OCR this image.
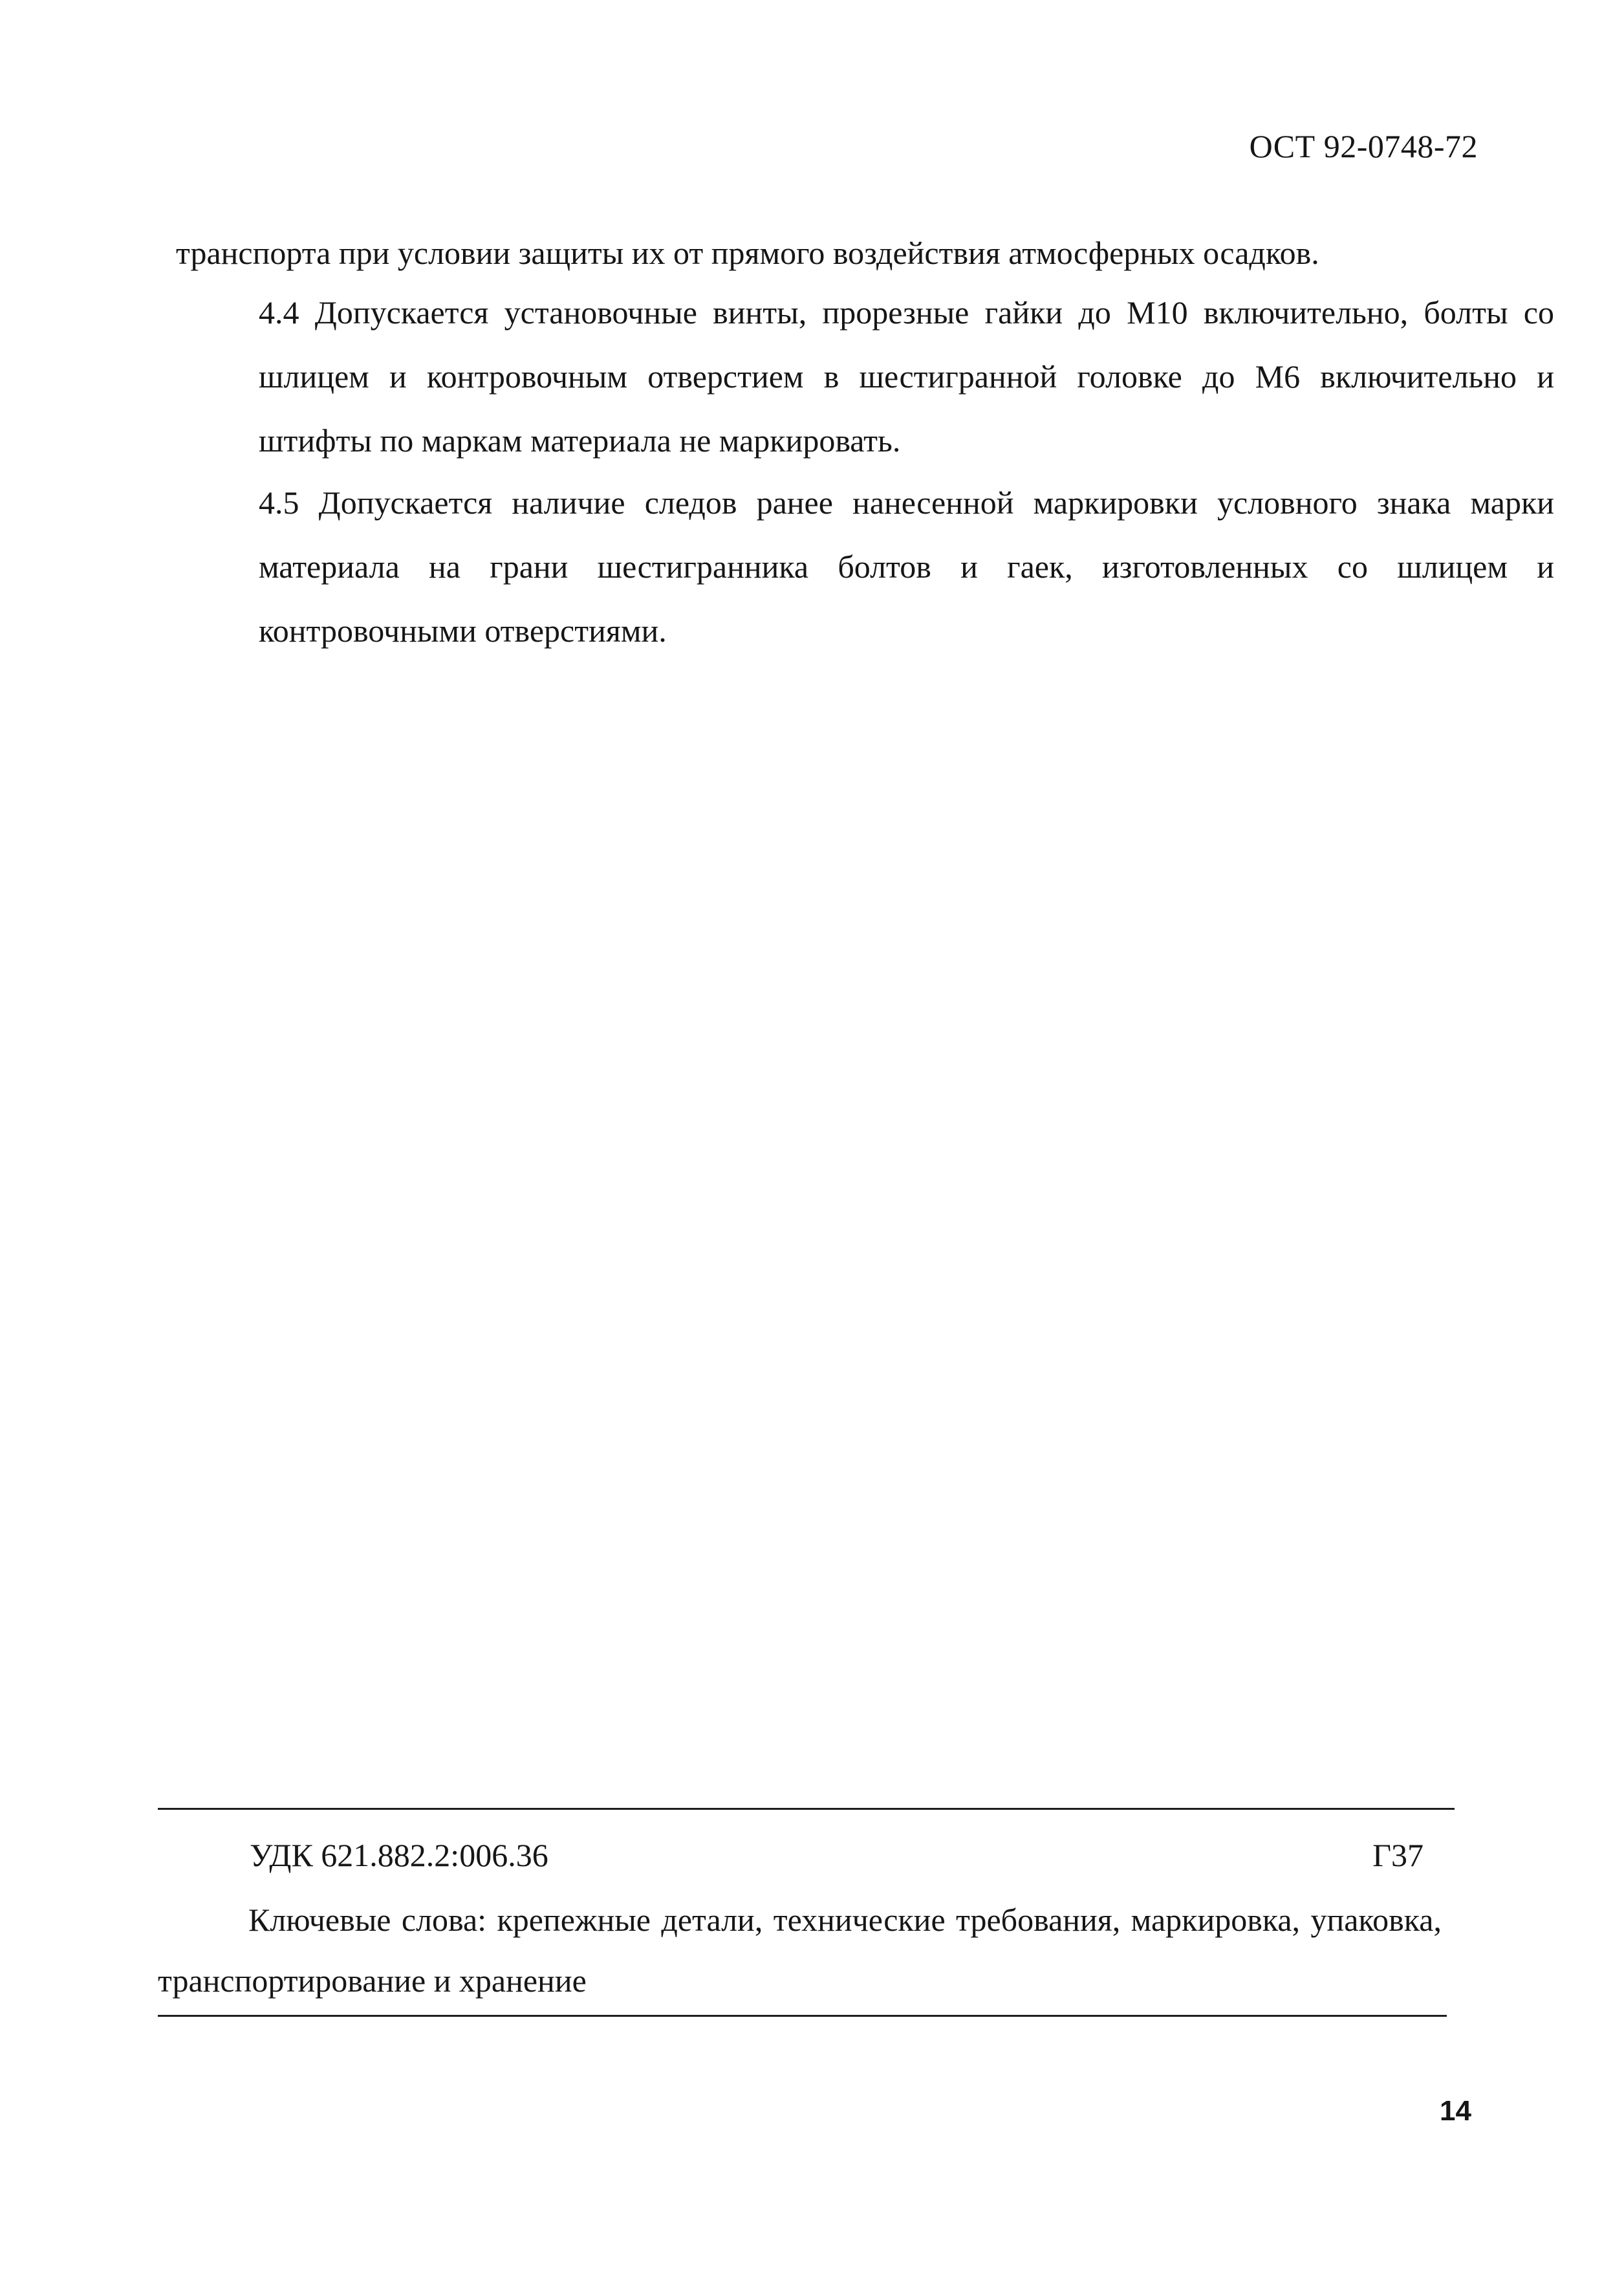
ОСТ 92-0748-72
транспорта при условии защиты их от прямого воздействия атмосферных осадков.
4.4 Допускается установочные винты, прорезные гайки до М10 включительно, болты со шлицем и контровочным отверстием в шестигранной головке до М6 включительно и штифты по маркам материала не маркировать.
4.5 Допускается наличие следов ранее нанесенной маркировки условного знака марки материала на грани шестигранника болтов и гаек, изготовленных со шлицем и контровочными отверстиями.
УДК 621.882.2:006.36	Г37
Ключевые слова: крепежные детали, технические требования, маркировка, упаковка, транспортирование и хранение
14
